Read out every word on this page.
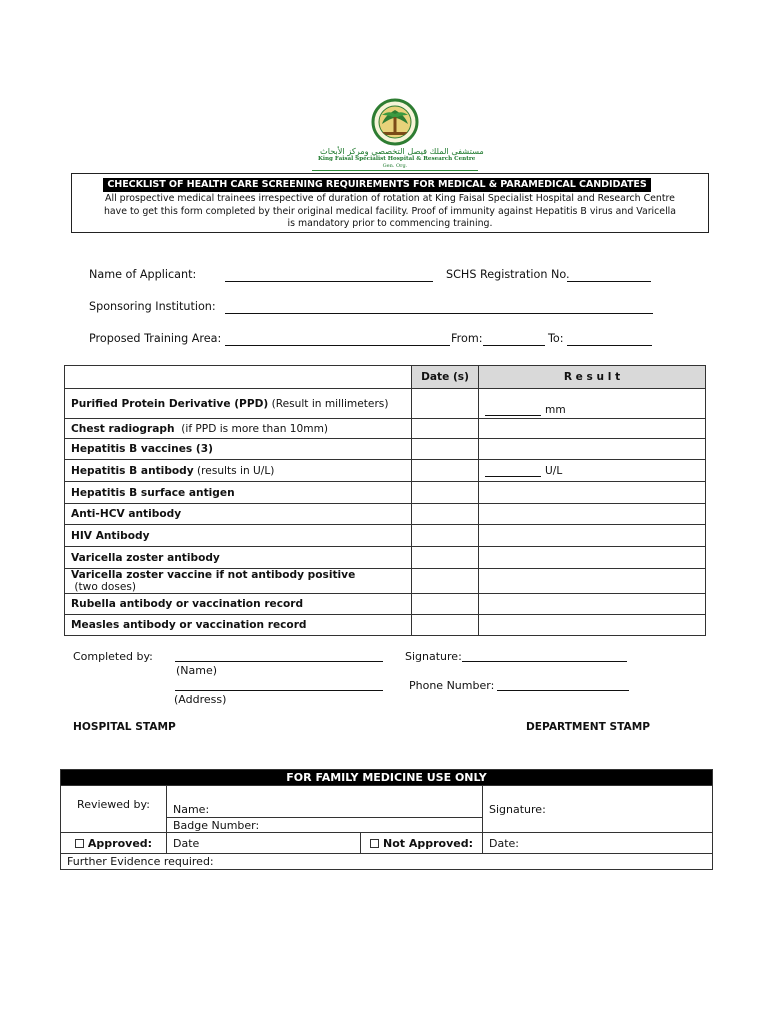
مستشفى الملك فيصل التخصصي ومركز الأبحاث
King Faisal Specialist Hospital & Research Centre
Gen. Org.
CHECKLIST OF HEALTH CARE SCREENING REQUIREMENTS FOR MEDICAL & PARAMEDICAL CANDIDATES
All prospective medical trainees irrespective of duration of rotation at King Faisal Specialist Hospital and Research Centre
have to get this form completed by their original medical facility. Proof of immunity against Hepatitis B virus and Varicella
is mandatory prior to commencing training.
Name of Applicant:	SCHS Registration No.
Sponsoring Institution:
Proposed Training Area:	From:	To:
	Date (s)	R e s u l t
Purified Protein Derivative (PPD) (Result in millimeters)		mm
Chest radiograph  (if PPD is more than 10mm)		
Hepatitis B vaccines (3)		
Hepatitis B antibody (results in U/L)		U/L
Hepatitis B surface antigen		
Anti-HCV antibody		
HIV Antibody		
Varicella zoster antibody		
Varicella zoster vaccine if not antibody positive (two doses)		
Rubella antibody or vaccination record		
Measles antibody or vaccination record		
Completed by:
(Name)
(Address)
Signature:
Phone Number:
HOSPITAL STAMP	DEPARTMENT STAMP
FOR FAMILY MEDICINE USE ONLY			
Reviewed by:	Name:		Signature:
	Badge Number:		
Approved:	Date	Not Approved:	Date:
Further Evidence required:			
